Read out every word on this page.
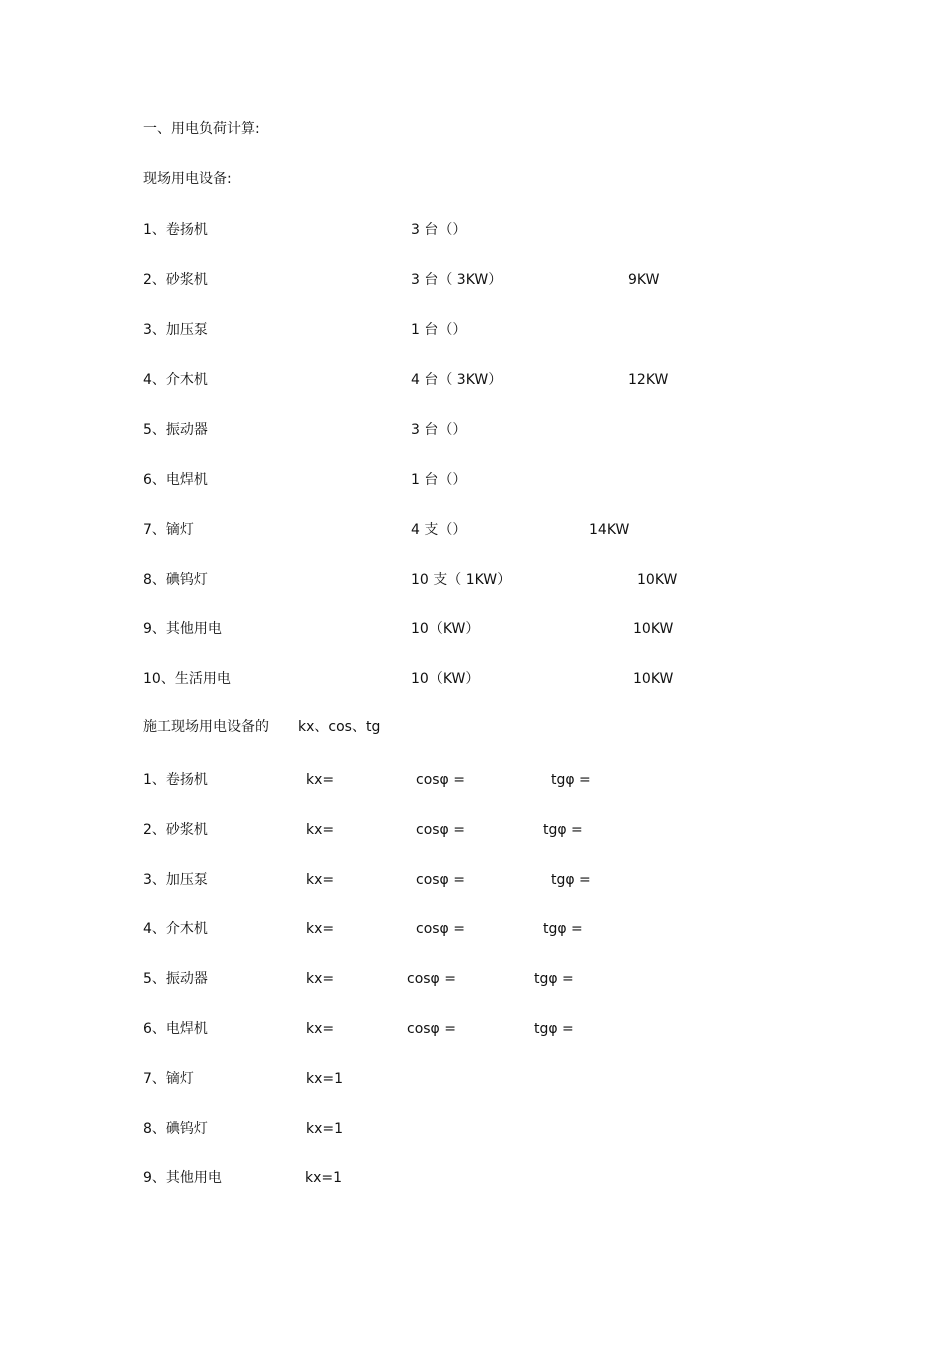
一、用电负荷计算:
现场用电设备:
1、卷扬机	3 台（）
2、砂浆机	3 台（ 3KW）	9KW
3、加压泵	1 台（）
4、介木机	4 台（ 3KW）	12KW
5、振动器	3 台（）
6、电焊机	1 台（）
7、镝灯	4 支（）	14KW
8、碘钨灯	10 支（ 1KW）	10KW
9、其他用电	10（KW）	10KW
10、生活用电	10（KW）	10KW
施工现场用电设备的 kx、cos、tg
1、卷扬机	kx=	cosφ =	tgφ =
2、砂浆机	kx=	cosφ =	tgφ =
3、加压泵	kx=	cosφ =	tgφ =
4、介木机	kx=	cosφ =	tgφ =
5、振动器	kx=	cosφ =	tgφ =
6、电焊机	kx=	cosφ =	tgφ =
7、镝灯	kx=1
8、碘钨灯	kx=1
9、其他用电	kx=1
